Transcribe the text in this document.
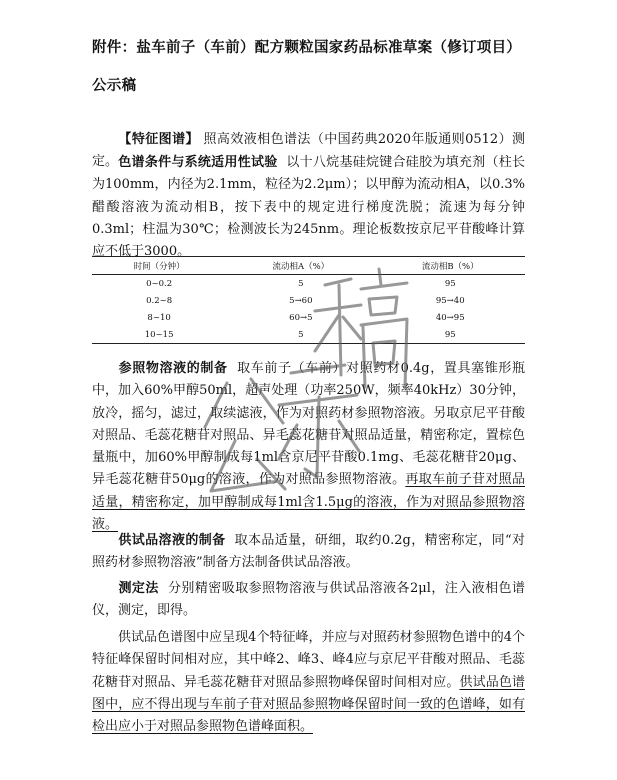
附件：盐车前子（车前）配方颗粒国家药品标准草案（修订项目）
公示稿
【特征图谱】 照高效液相色谱法（中国药典2020年版通则0512）测定。 色谱条件与系统适用性试验 以十八烷基硅烷键合硅胶为填充剂（柱长为100mm，内径为2.1mm，粒径为2.2μm）；以甲醇为流动相A，以0.3%醋酸溶液为流动相B，按下表中的规定进行梯度洗脱；流速为每分钟0.3ml；柱温为30℃；检测波长为245nm。理论板数按京尼平苷酸峰计算应不低于3000。
时间（分钟）	流动相A（%）	流动相B（%）
0~0.2	5	95
0.2~8	5→60	95→40
8~10	60→5	40→95
10~15	5	95
参照物溶液的制备 取车前子（车前）对照药材0.4g，置具塞锥形瓶中，加入60%甲醇50ml，超声处理（功率250W，频率40kHz）30分钟，放冷，摇匀，滤过，取续滤液，作为对照药材参照物溶液。另取京尼平苷酸对照品、毛蕊花糖苷对照品、异毛蕊花糖苷对照品适量，精密称定，置棕色量瓶中，加60%甲醇制成每1ml含京尼平苷酸0.1mg、毛蕊花糖苷20μg、异毛蕊花糖苷50μg的溶液，作为对照品参照物溶液。再取车前子苷对照品适量，精密称定，加甲醇制成每1ml含1.5μg的溶液，作为对照品参照物溶液。
供试品溶液的制备 取本品适量，研细，取约0.2g，精密称定，同“对照药材参照物溶液”制备方法制备供试品溶液。
测定法 分别精密吸取参照物溶液与供试品溶液各2μl，注入液相色谱仪，测定，即得。
供试品色谱图中应呈现4个特征峰，并应与对照药材参照物色谱中的4个特征峰保留时间相对应，其中峰2、峰3、峰4应与京尼平苷酸对照品、毛蕊花糖苷对照品、异毛蕊花糖苷对照品参照物峰保留时间相对应。供试品色谱图中，应不得出现与车前子苷对照品参照物峰保留时间一致的色谱峰，如有检出应小于对照品参照物色谱峰面积。
